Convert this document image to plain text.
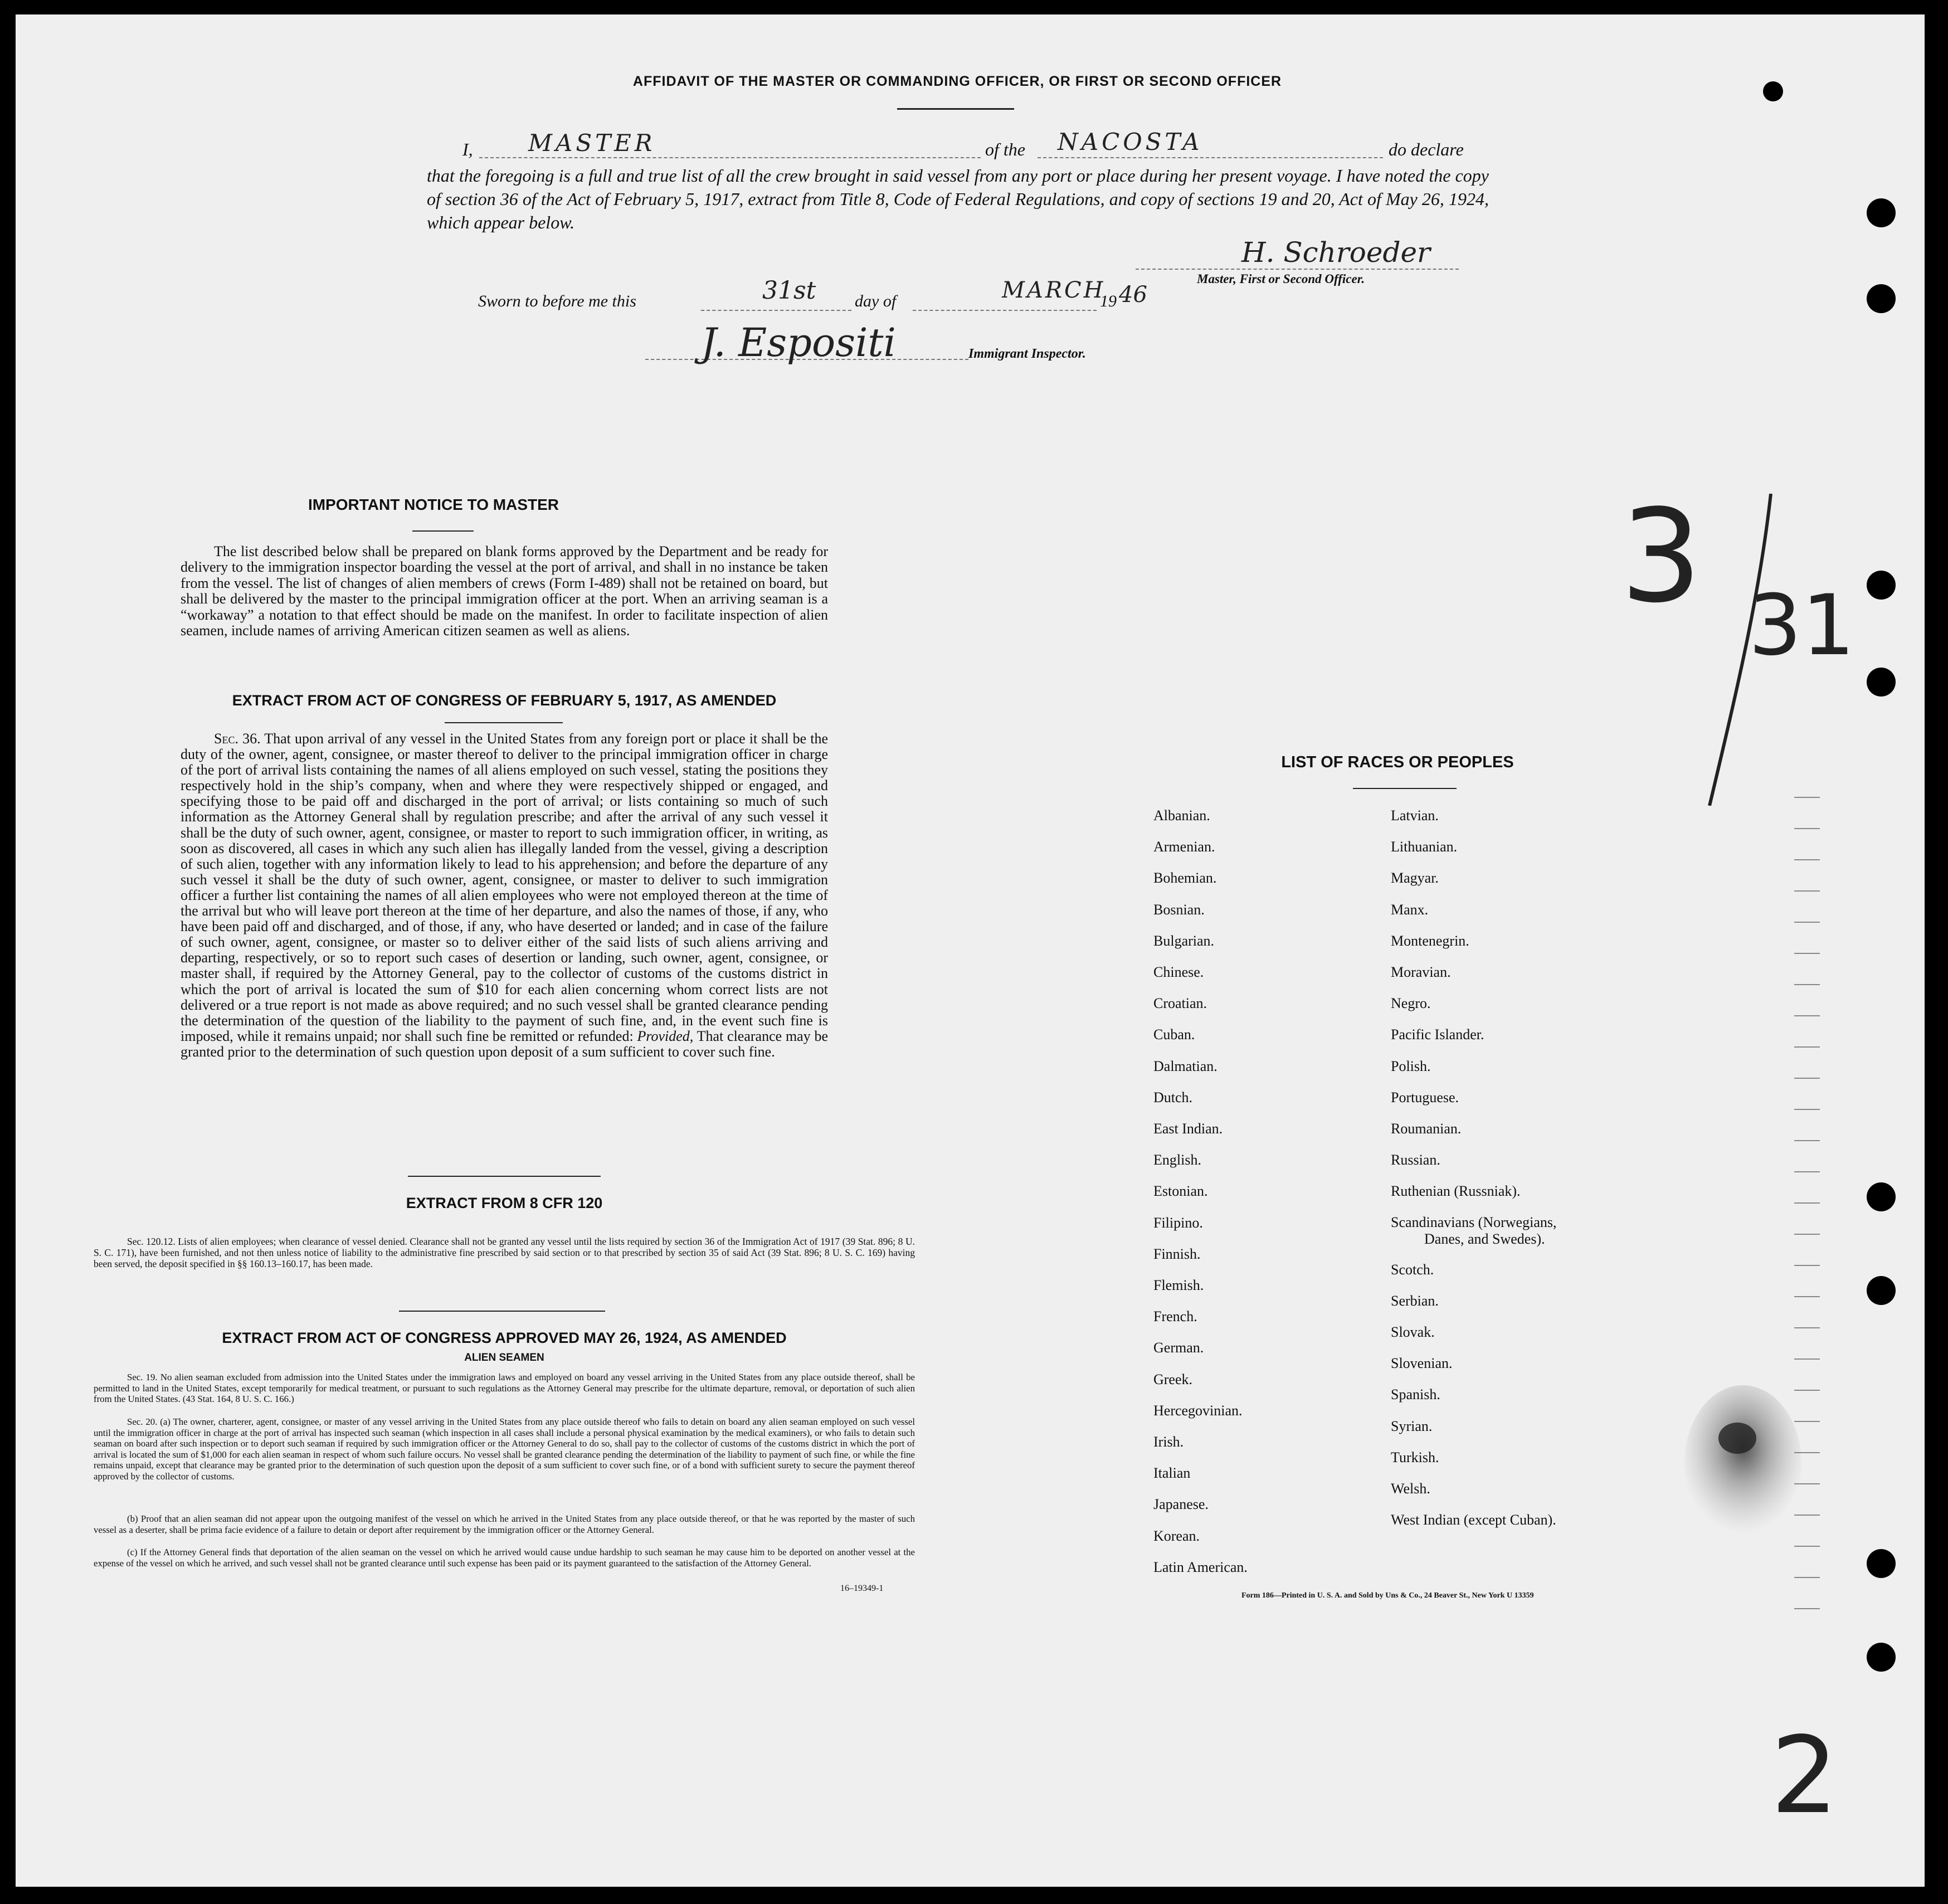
AFFIDAVIT OF THE MASTER OR COMMANDING OFFICER, OR FIRST OR SECOND OFFICER
I, MASTER	of the NACOSTA	do declare
that the foregoing is a full and true list of all the crew brought in said vessel from any port or place during her present voyage. I have noted the copy of section 36 of the Act of February 5, 1917, extract from Title 8, Code of Federal Regulations, and copy of sections 19 and 20, Act of May 26, 1924, which appear below.
H. Schroeder
Master, First or Second Officer.
Sworn to before me this	31st day of	MARCH
19 46
J. Espositi	Immigrant Inspector.
IMPORTANT NOTICE TO MASTER
The list described below shall be prepared on blank forms approved by the Department and be ready for delivery to the immigration inspector boarding the vessel at the port of arrival, and shall in no instance be taken from the vessel. The list of changes of alien members of crews (Form I-489) shall not be retained on board, but shall be delivered by the master to the principal immigration officer at the port. When an arriving seaman is a “workaway” a notation to that effect should be made on the manifest. In order to facilitate inspection of alien seamen, include names of arriving American citizen seamen as well as aliens.
EXTRACT FROM ACT OF CONGRESS OF FEBRUARY 5, 1917, AS AMENDED
Sec. 36. That upon arrival of any vessel in the United States from any foreign port or place it shall be the duty of the owner, agent, consignee, or master thereof to deliver to the principal immigration officer in charge of the port of arrival lists containing the names of all aliens employed on such vessel, stating the positions they respectively hold in the ship’s company, when and where they were respectively shipped or engaged, and specifying those to be paid off and discharged in the port of arrival; or lists containing so much of such information as the Attorney General shall by regulation prescribe; and after the arrival of any such vessel it shall be the duty of such owner, agent, consignee, or master to report to such immigration officer, in writing, as soon as discovered, all cases in which any such alien has illegally landed from the vessel, giving a description of such alien, together with any information likely to lead to his apprehension; and before the departure of any such vessel it shall be the duty of such owner, agent, consignee, or master to deliver to such immigration officer a further list containing the names of all alien employees who were not employed thereon at the time of the arrival but who will leave port thereon at the time of her departure, and also the names of those, if any, who have been paid off and discharged, and of those, if any, who have deserted or landed; and in case of the failure of such owner, agent, consignee, or master so to deliver either of the said lists of such aliens arriving and departing, respectively, or so to report such cases of desertion or landing, such owner, agent, consignee, or master shall, if required by the Attorney General, pay to the collector of customs of the customs district in which the port of arrival is located the sum of $10 for each alien concerning whom correct lists are not delivered or a true report is not made as above required; and no such vessel shall be granted clearance pending the determination of the question of the liability to the payment of such fine, and, in the event such fine is imposed, while it remains unpaid; nor shall such fine be remitted or refunded: Provided, That clearance may be granted prior to the determination of such question upon deposit of a sum sufficient to cover such fine.
EXTRACT FROM 8 CFR 120
Sec. 120.12. Lists of alien employees; when clearance of vessel denied. Clearance shall not be granted any vessel until the lists required by section 36 of the Immigration Act of 1917 (39 Stat. 896; 8 U. S. C. 171), have been furnished, and not then unless notice of liability to the administrative fine prescribed by said section or to that prescribed by section 35 of said Act (39 Stat. 896; 8 U. S. C. 169) having been served, the deposit specified in §§ 160.13–160.17, has been made.
EXTRACT FROM ACT OF CONGRESS APPROVED MAY 26, 1924, AS AMENDED
ALIEN SEAMEN
Sec. 19. No alien seaman excluded from admission into the United States under the immigration laws and employed on board any vessel arriving in the United States from any place outside thereof, shall be permitted to land in the United States, except temporarily for medical treatment, or pursuant to such regulations as the Attorney General may prescribe for the ultimate departure, removal, or deportation of such alien from the United States. (43 Stat. 164, 8 U. S. C. 166.)
Sec. 20. (a) The owner, charterer, agent, consignee, or master of any vessel arriving in the United States from any place outside thereof who fails to detain on board any alien seaman employed on such vessel until the immigration officer in charge at the port of arrival has inspected such seaman (which inspection in all cases shall include a personal physical examination by the medical examiners), or who fails to detain such seaman on board after such inspection or to deport such seaman if required by such immigration officer or the Attorney General to do so, shall pay to the collector of customs of the customs district in which the port of arrival is located the sum of $1,000 for each alien seaman in respect of whom such failure occurs. No vessel shall be granted clearance pending the determination of the liability to payment of such fine, or while the fine remains unpaid, except that clearance may be granted prior to the determination of such question upon the deposit of a sum sufficient to cover such fine, or of a bond with sufficient surety to secure the payment thereof approved by the collector of customs.
(b) Proof that an alien seaman did not appear upon the outgoing manifest of the vessel on which he arrived in the United States from any place outside thereof, or that he was reported by the master of such vessel as a deserter, shall be prima facie evidence of a failure to detain or deport after requirement by the immigration officer or the Attorney General.
(c) If the Attorney General finds that deportation of the alien seaman on the vessel on which he arrived would cause undue hardship to such seaman he may cause him to be deported on another vessel at the expense of the vessel on which he arrived, and such vessel shall not be granted clearance until such expense has been paid or its payment guaranteed to the satisfaction of the Attorney General.
16–19349-1
LIST OF RACES OR PEOPLES
Albanian.
Armenian.
Bohemian.
Bosnian.
Bulgarian.
Chinese.
Croatian.
Cuban.
Dalmatian.
Dutch.
East Indian.
English.
Estonian.
Filipino.
Finnish.
Flemish.
French.
German.
Greek.
Hercegovinian.
Irish.
Italian
Japanese.
Korean.
Latin American.
Latvian.
Lithuanian.
Magyar.
Manx.
Montenegrin.
Moravian.
Negro.
Pacific Islander.
Polish.
Portuguese.
Roumanian.
Russian.
Ruthenian (Russniak).
Scandinavians (Norwegians,
Danes, and Swedes).
Scotch.
Serbian.
Slovak.
Slovenian.
Spanish.
Syrian.
Turkish.
Welsh.
West Indian (except Cuban).
Form 186—Printed in U. S. A. and Sold by Uns & Co., 24 Beaver St., New York U 13359
3 31
2
